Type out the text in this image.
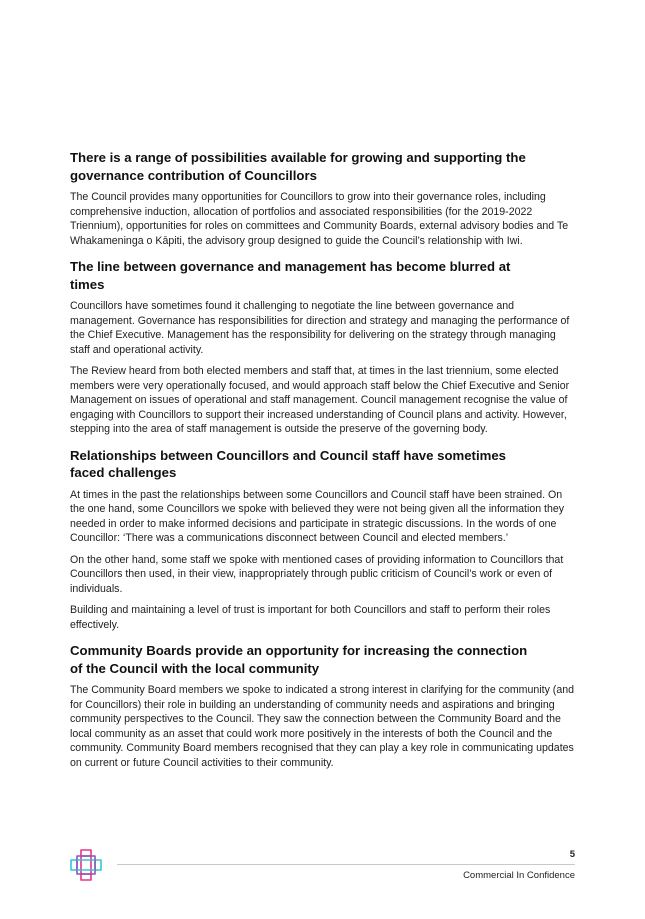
There is a range of possibilities available for growing and supporting the governance contribution of Councillors

The Council provides many opportunities for Councillors to grow into their governance roles, including comprehensive induction, allocation of portfolios and associated responsibilities (for the 2019-2022 Triennium), opportunities for roles on committees and Community Boards, external advisory bodies and Te Whakameninga o Kāpiti, the advisory group designed to guide the Council’s relationship with Iwi.

The line between governance and management has become blurred at times

Councillors have sometimes found it challenging to negotiate the line between governance and management. Governance has responsibilities for direction and strategy and managing the performance of the Chief Executive. Management has the responsibility for delivering on the strategy through managing staff and operational activity.

The Review heard from both elected members and staff that, at times in the last triennium, some elected members were very operationally focused, and would approach staff below the Chief Executive and Senior Management on issues of operational and staff management. Council management recognise the value of engaging with Councillors to support their increased understanding of Council plans and activity. However, stepping into the area of staff management is outside the preserve of the governing body.

Relationships between Councillors and Council staff have sometimes faced challenges

At times in the past the relationships between some Councillors and Council staff have been strained. On the one hand, some Councillors we spoke with believed they were not being given all the information they needed in order to make informed decisions and participate in strategic discussions. In the words of one Councillor: ‘There was a communications disconnect between Council and elected members.’

On the other hand, some staff we spoke with mentioned cases of providing information to Councillors that Councillors then used, in their view, inappropriately through public criticism of Council’s work or even of individuals.

Building and maintaining a level of trust is important for both Councillors and staff to perform their roles effectively.

Community Boards provide an opportunity for increasing the connection of the Council with the local community

The Community Board members we spoke to indicated a strong interest in clarifying for the community (and for Councillors) their role in building an understanding of community needs and aspirations and bringing community perspectives to the Council. They saw the connection between the Community Board and the local community as an asset that could work more positively in the interests of both the Council and the community. Community Board members recognised that they can play a key role in communicating updates on current or future Council activities to their community.

5
Commercial In Confidence
